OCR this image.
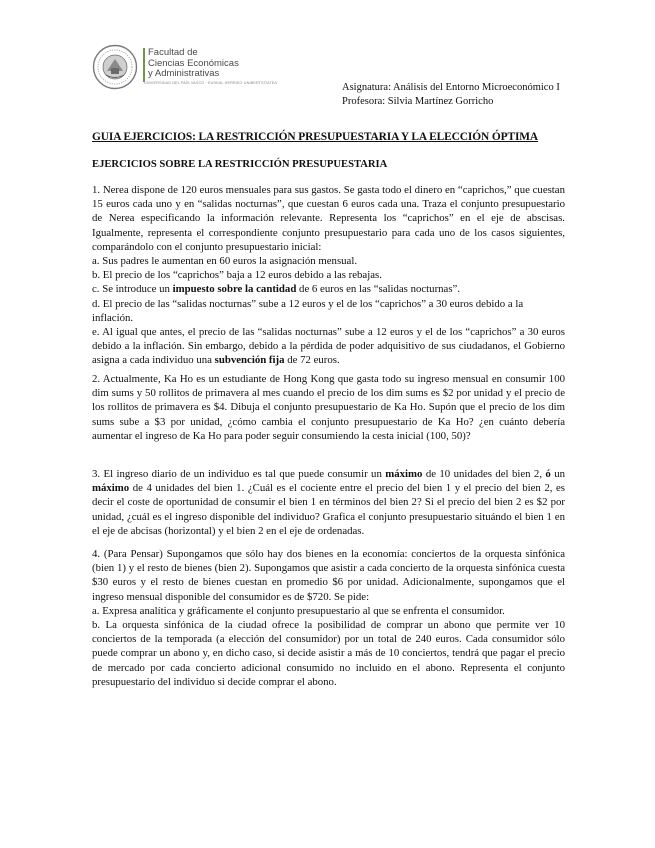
Facultad de
Ciencias Económicas
y Administrativas
UNIVERSIDAD DEL PAÍS VASCO · EUSKAL HERRIKO UNIBERTSITATEA	Asignatura: Análisis del Entorno Microeconómico I
Profesora: Silvia Martínez Gorricho
GUIA EJERCICIOS: LA RESTRICCIÓN PRESUPUESTARIA Y LA ELECCIÓN ÓPTIMA
EJERCICIOS SOBRE LA RESTRICCIÓN PRESUPUESTARIA

1. Nerea dispone de 120 euros mensuales para sus gastos. Se gasta todo el dinero en “caprichos,” que cuestan 15 euros cada uno y en “salidas nocturnas”, que cuestan 6 euros cada una. Traza el conjunto presupuestario de Nerea especificando la información relevante. Representa los “caprichos” en el eje de abscisas. Igualmente, representa el correspondiente conjunto presupuestario para cada uno de los casos siguientes, comparándolo con el conjunto presupuestario inicial:

a. Sus padres le aumentan en 60 euros la asignación mensual.

b. El precio de los “caprichos” baja a 12 euros debido a las rebajas.

c. Se introduce un impuesto sobre la cantidad de 6 euros en las “salidas nocturnas”.

d. El precio de las “salidas nocturnas” sube a 12 euros y el de los “caprichos” a 30 euros debido a la inflación.

e. Al igual que antes, el precio de las “salidas nocturnas” sube a 12 euros y el de los “caprichos” a 30 euros debido a la inflación. Sin embargo, debido a la pérdida de poder adquisitivo de sus ciudadanos, el Gobierno asigna a cada individuo una subvención fija de 72 euros.

2. Actualmente, Ka Ho es un estudiante de Hong Kong que gasta todo su ingreso mensual en consumir 100 dim sums y 50 rollitos de primavera al mes cuando el precio de los dim sums es $2 por unidad y el precio de los rollitos de primavera es $4. Dibuja el conjunto presupuestario de Ka Ho. Supón que el precio de los dim sums sube a $3 por unidad, ¿cómo cambia el conjunto presupuestario de Ka Ho? ¿en cuánto debería aumentar el ingreso de Ka Ho para poder seguir consumiendo la cesta inicial (100, 50)?

3. El ingreso diario de un individuo es tal que puede consumir un máximo de 10 unidades del bien 2, ó un máximo de 4 unidades del bien 1. ¿Cuál es el cociente entre el precio del bien 1 y el precio del bien 2, es decir el coste de oportunidad de consumir el bien 1 en términos del bien 2? Si el precio del bien 2 es $2 por unidad, ¿cuál es el ingreso disponible del individuo? Grafica el conjunto presupuestario situándo el bien 1 en el eje de abcisas (horizontal) y el bien 2 en el eje de ordenadas.

4. (Para Pensar) Supongamos que sólo hay dos bienes en la economía: conciertos de la orquesta sinfónica (bien 1) y el resto de bienes (bien 2). Supongamos que asistir a cada concierto de la orquesta sinfónica cuesta $30 euros y el resto de bienes cuestan en promedio $6 por unidad. Adicionalmente, supongamos que el ingreso mensual disponible del consumidor es de $720. Se pide:

a. Expresa analítica y gráficamente el conjunto presupuestario al que se enfrenta el consumidor.

b. La orquesta sinfónica de la ciudad ofrece la posibilidad de comprar un abono que permite ver 10 conciertos de la temporada (a elección del consumidor) por un total de 240 euros. Cada consumidor sólo puede comprar un abono y, en dicho caso, si decide asistir a más de 10 conciertos, tendrá que pagar el precio de mercado por cada concierto adicional consumido no incluido en el abono. Representa el conjunto presupuestario del individuo si decide comprar el abono.
